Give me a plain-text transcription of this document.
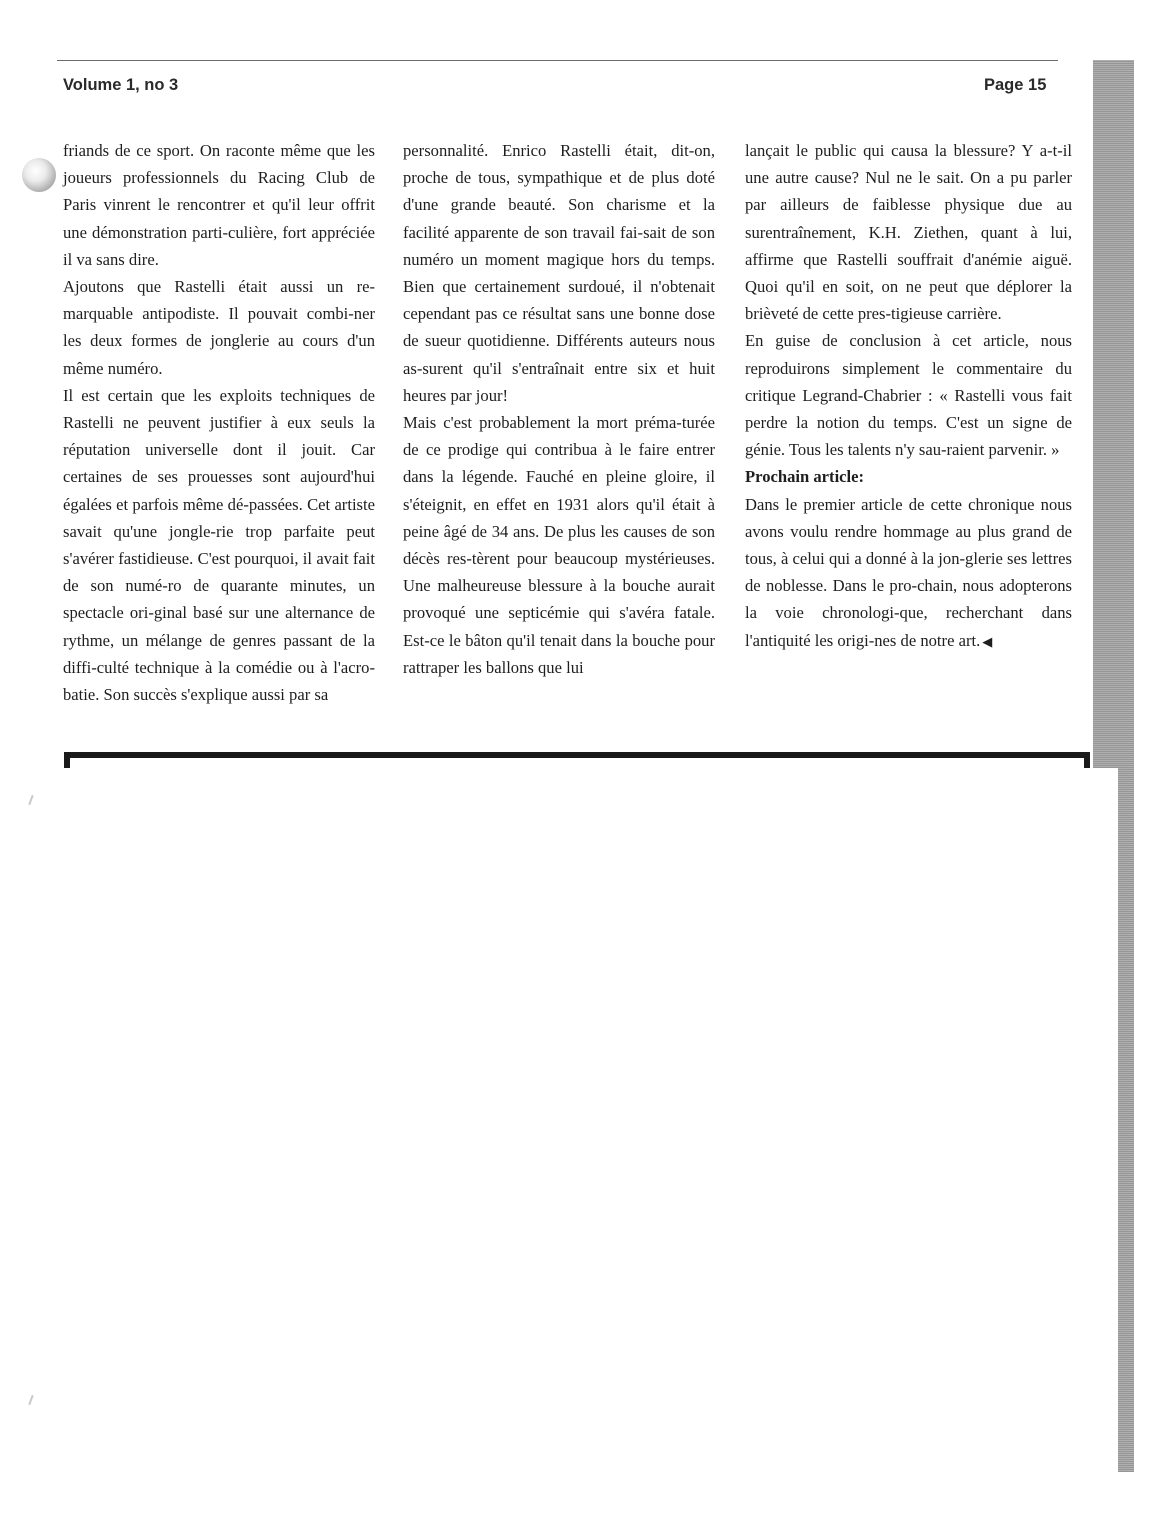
Volume 1, no 3	Page 15

friands de ce sport. On raconte même que les joueurs professionnels du Racing Club de Paris vinrent le rencontrer et qu'il leur offrit une démonstration parti-culière, fort appréciée il va sans dire.

Ajoutons que Rastelli était aussi un re-marquable antipodiste. Il pouvait combi-ner les deux formes de jonglerie au cours d'un même numéro.

Il est certain que les exploits techniques de Rastelli ne peuvent justifier à eux seuls la réputation universelle dont il jouit. Car certaines de ses prouesses sont aujourd'hui égalées et parfois même dé-passées. Cet artiste savait qu'une jongle-rie trop parfaite peut s'avérer fastidieuse. C'est pourquoi, il avait fait de son numé-ro de quarante minutes, un spectacle ori-ginal basé sur une alternance de rythme, un mélange de genres passant de la diffi-culté technique à la comédie ou à l'acro-batie. Son succès s'explique aussi par sa

personnalité. Enrico Rastelli était, dit-on, proche de tous, sympathique et de plus doté d'une grande beauté. Son charisme et la facilité apparente de son travail fai-sait de son numéro un moment magique hors du temps. Bien que certainement surdoué, il n'obtenait cependant pas ce résultat sans une bonne dose de sueur quotidienne. Différents auteurs nous as-surent qu'il s'entraînait entre six et huit heures par jour!

Mais c'est probablement la mort préma-turée de ce prodige qui contribua à le faire entrer dans la légende. Fauché en pleine gloire, il s'éteignit, en effet en 1931 alors qu'il était à peine âgé de 34 ans. De plus les causes de son décès res-tèrent pour beaucoup mystérieuses. Une malheureuse blessure à la bouche aurait provoqué une septicémie qui s'avéra fatale. Est-ce le bâton qu'il tenait dans la bouche pour rattraper les ballons que lui

lançait le public qui causa la blessure? Y a-t-il une autre cause? Nul ne le sait. On a pu parler par ailleurs de faiblesse physique due au surentraînement, K.H. Ziethen, quant à lui, affirme que Rastelli souffrait d'anémie aiguë. Quoi qu'il en soit, on ne peut que déplorer la brièveté de cette pres-tigieuse carrière.

En guise de conclusion à cet article, nous reproduirons simplement le commentaire du critique Legrand-Chabrier : « Rastelli vous fait perdre la notion du temps. C'est un signe de génie. Tous les talents n'y sau-raient parvenir. »

Prochain article:

Dans le premier article de cette chronique nous avons voulu rendre hommage au plus grand de tous, à celui qui a donné à la jon-glerie ses lettres de noblesse. Dans le pro-chain, nous adopterons la voie chronologi-que, recherchant dans l'antiquité les origi-nes de notre art. ◀
